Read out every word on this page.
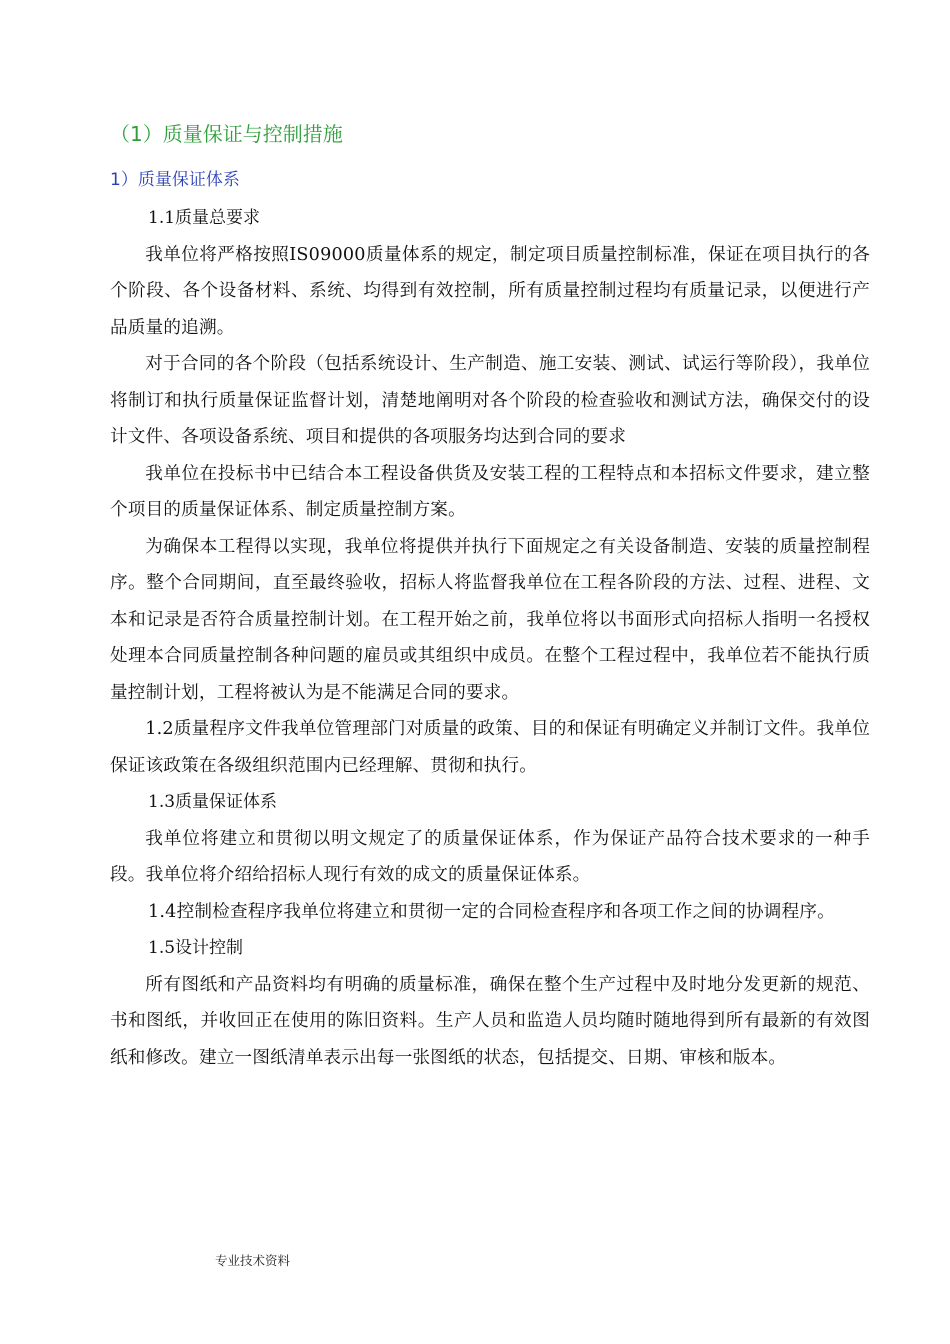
（1）质量保证与控制措施
1）质量保证体系

1.1质量总要求

我单位将严格按照IS09000质量体系的规定，制定项目质量控制标准，保证在项目执行的各个阶段、各个设备材料、系统、均得到有效控制，所有质量控制过程均有质量记录，以便进行产品质量的追溯。

对于合同的各个阶段（包括系统设计、生产制造、施工安装、测试、试运行等阶段），我单位将制订和执行质量保证监督计划，清楚地阐明对各个阶段的检查验收和测试方法，确保交付的设计文件、各项设备系统、项目和提供的各项服务均达到合同的要求

我单位在投标书中已结合本工程设备供货及安装工程的工程特点和本招标文件要求，建立整个项目的质量保证体系、制定质量控制方案。

为确保本工程得以实现，我单位将提供并执行下面规定之有关设备制造、安装的质量控制程序。整个合同期间，直至最终验收，招标人将监督我单位在工程各阶段的方法、过程、进程、文本和记录是否符合质量控制计划。在工程开始之前，我单位将以书面形式向招标人指明一名授权处理本合同质量控制各种问题的雇员或其组织中成员。在整个工程过程中，我单位若不能执行质量控制计划，工程将被认为是不能满足合同的要求。

1.2质量程序文件我单位管理部门对质量的政策、目的和保证有明确定义并制订文件。我单位保证该政策在各级组织范围内已经理解、贯彻和执行。

1.3质量保证体系

我单位将建立和贯彻以明文规定了的质量保证体系，作为保证产品符合技术要求的一种手段。我单位将介绍给招标人现行有效的成文的质量保证体系。

1.4控制检查程序我单位将建立和贯彻一定的合同检查程序和各项工作之间的协调程序。

1.5设计控制

所有图纸和产品资料均有明确的质量标准，确保在整个生产过程中及时地分发更新的规范、书和图纸，并收回正在使用的陈旧资料。生产人员和监造人员均随时随地得到所有最新的有效图纸和修改。建立一图纸清单表示出每一张图纸的状态，包括提交、日期、审核和版本。

专业技术资料
